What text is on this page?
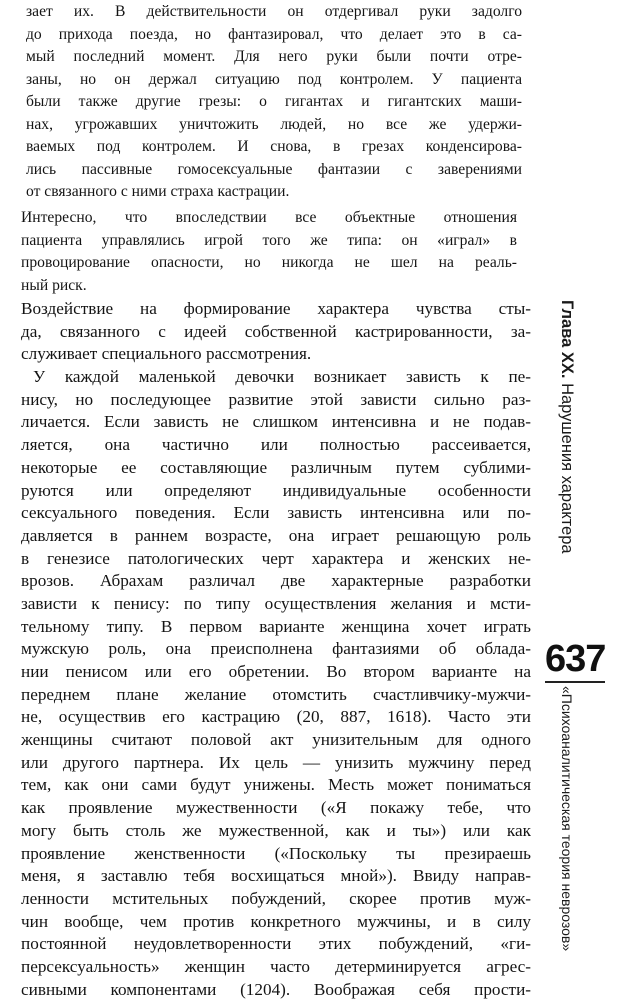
зает их. В действительности он отдергивал руки задолго
до прихода поезда, но фантазировал, что делает это в са-
мый последний момент. Для него руки были почти отре-
заны, но он держал ситуацию под контролем. У пациента
были также другие грезы: о гигантах и гигантских маши-
нах, угрожавших уничтожить людей, но все же удержи-
ваемых под контролем. И снова, в грезах конденсирова-
лись пассивные гомосексуальные фантазии с заверениями
от связанного с ними страха кастрации.
Интересно, что впоследствии все объектные отношения
пациента управлялись игрой того же типа: он «играл» в
провоцирование опасности, но никогда не шел на реаль-
ный риск.
Воздействие на формирование характера чувства сты-
да, связанного с идеей собственной кастрированности, за-
служивает специального рассмотрения.
У каждой маленькой девочки возникает зависть к пе-
нису, но последующее развитие этой зависти сильно раз-
личается. Если зависть не слишком интенсивна и не подав-
ляется, она частично или полностью рассеивается,
некоторые ее составляющие различным путем сублими-
руются или определяют индивидуальные особенности
сексуального поведения. Если зависть интенсивна или по-
давляется в раннем возрасте, она играет решающую роль
в генезисе патологических черт характера и женских не-
врозов. Абрахам различал две характерные разработки
зависти к пенису: по типу осуществления желания и мсти-
тельному типу. В первом варианте женщина хочет играть
мужскую роль, она преисполнена фантазиями об облада-
нии пенисом или его обретении. Во втором варианте на
переднем плане желание отомстить счастливчику-мужчи-
не, осуществив его кастрацию (20, 887, 1618). Часто эти
женщины считают половой акт унизительным для одного
или другого партнера. Их цель — унизить мужчину перед
тем, как они сами будут унижены. Месть может пониматься
как проявление мужественности («Я покажу тебе, что
могу быть столь же мужественной, как и ты») или как
проявление женственности («Поскольку ты презираешь
меня, я заставлю тебя восхищаться мной»). Ввиду направ-
ленности мстительных побуждений, скорее против муж-
чин вообще, чем против конкретного мужчины, и в силу
постоянной неудовлетворенности этих побуждений, «ги-
персексуальность» женщин часто детерминируется агрес-
сивными компонентами (1204). Воображая себя прости-
Глава XX. Нарушения характера
637
«Психоаналитическая теория неврозов»
